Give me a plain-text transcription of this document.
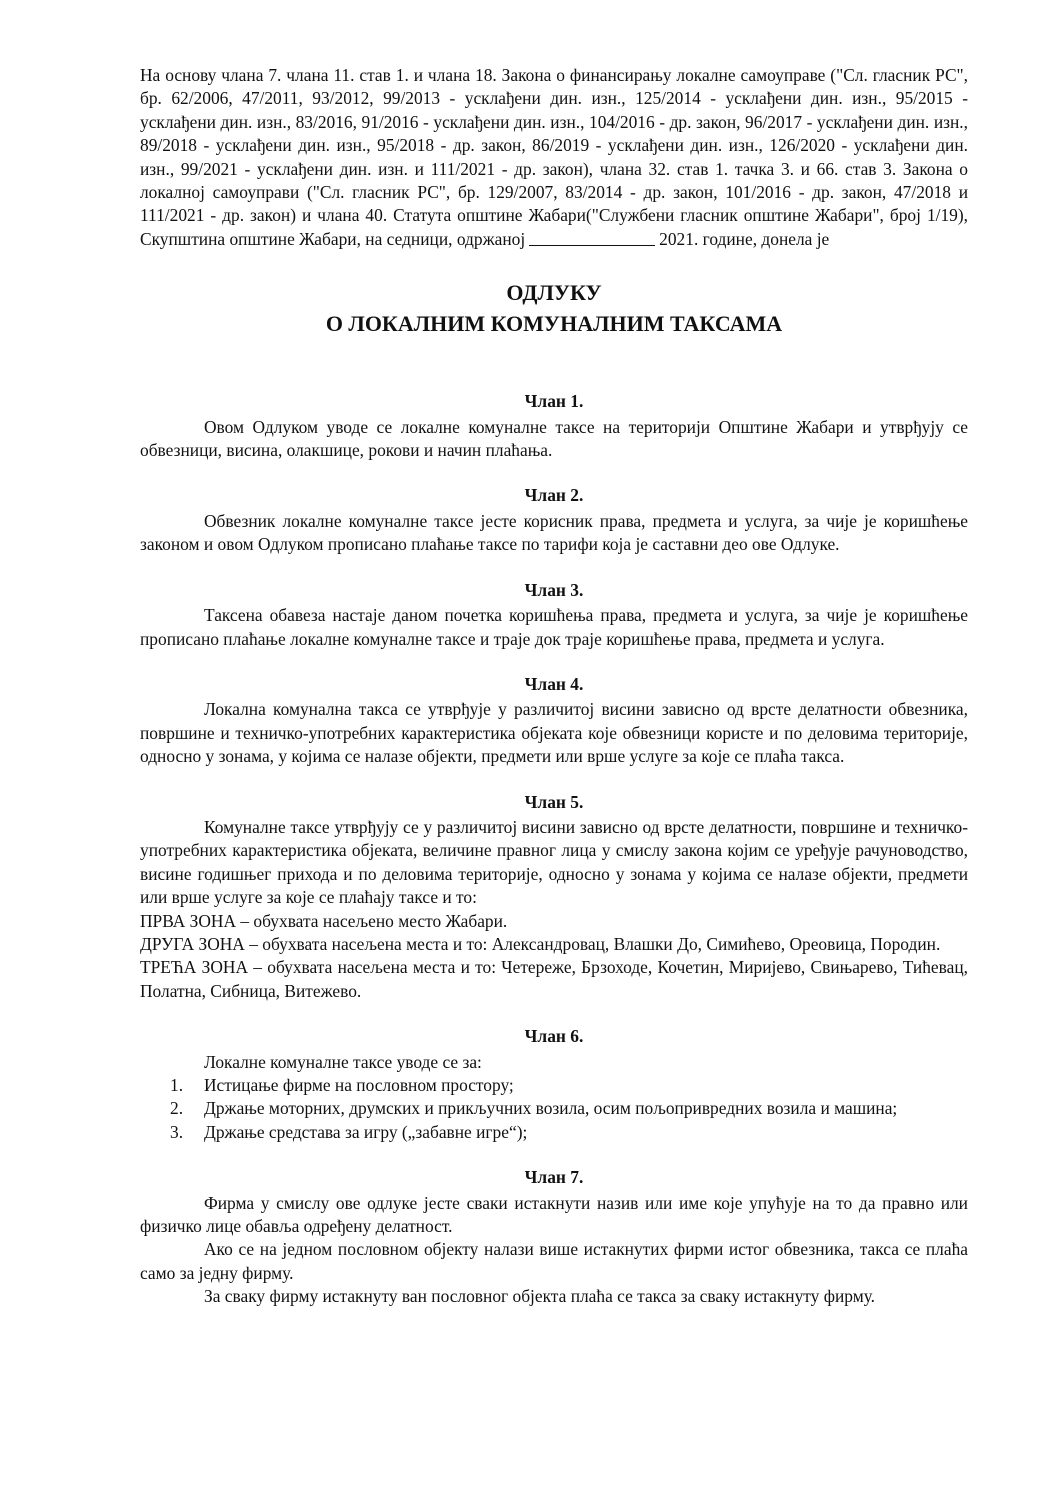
На основу члана 7. члана 11. став 1. и члана 18. Закона о финансирању локалне самоуправе ("Сл. гласник РС", бр. 62/2006, 47/2011, 93/2012, 99/2013 - усклађени дин. изн., 125/2014 - усклађени дин. изн., 95/2015 - усклађени дин. изн., 83/2016, 91/2016 - усклађени дин. изн., 104/2016 - др. закон, 96/2017 - усклађени дин. изн., 89/2018 - усклађени дин. изн., 95/2018 - др. закон, 86/2019 - усклађени дин. изн., 126/2020 - усклађени дин. изн., 99/2021 - усклађени дин. изн. и 111/2021 - др. закон), члана 32. став 1. тачка 3. и 66. став 3. Закона о локалној самоуправи ("Сл. гласник РС", бр. 129/2007, 83/2014 - др. закон, 101/2016 - др. закон, 47/2018 и 111/2021 - др. закон) и члана 40. Статута општине Жабари("Службени гласник општине Жабари", број 1/19), Скупштина општине Жабари, на седници, одржаној	2021. године, донела је

ОДЛУКУ
О ЛОКАЛНИМ КОМУНАЛНИМ ТАКСАМА
Члан 1.

Овом Одлуком уводе се локалне комуналне таксе на територији Општине Жабари и утврђују се обвезници, висина, олакшице, рокови и начин плаћања.

Члан 2.

Обвезник локалне комуналне таксе јесте корисник права, предмета и услуга, за чије је коришћење законом и овом Одлуком прописано плаћање таксе по тарифи која је саставни део ове Одлуке.

Члан 3.

Таксена обавеза настаје даном почетка коришћења права, предмета и услуга, за чије је коришћење прописано плаћање локалне комуналне таксе и траје док траје коришћење права, предмета и услуга.

Члан 4.

Локална комунална такса се утврђује у различитој висини зависно од врсте делатности обвезника, површине и техничко-употребних карактеристика објеката које обвезници користе и по деловима територије, односно у зонама, у којима се налазе објекти, предмети или врше услуге за које се плаћа такса.

Члан 5.

Комуналне таксе утврђују се у различитој висини зависно од врсте делатности, површине и техничко-употребних карактеристика објеката, величине правног лица у смислу закона којим се уређује рачуноводство, висине годишњег прихода и по деловима територије, односно у зонама у којима се налазе објекти, предмети или врше услуге за које се плаћају таксе и то:

ПРВА ЗОНА – обухвата насељено место Жабари.

ДРУГА ЗОНА – обухвата насељена места и то: Александровац, Влашки До, Симићево, Ореовица, Породин.

ТРЕЋА ЗОНА – обухвата насељена места и то: Четереже, Брзоходе, Кочетин, Миријево, Свињарево, Тићевац, Полатна, Сибница, Витежево.

Члан 6.

Локалне комуналне таксе уводе се за:

1. Истицање фирме на пословном простору;
2. Држање моторних, друмских и прикључних возила, осим пољопривредних возила и машина;
3. Држање средстава за игру („забавне игре“);
Члан 7.

Фирма у смислу ове одлуке јесте сваки истакнути назив или име које упућује на то да правно или физичко лице обавља одређену делатност.

Ако се на једном пословном објекту налази више истакнутих фирми истог обвезника, такса се плаћа само за једну фирму.

За сваку фирму истакнуту ван пословног објекта плаћа се такса за сваку истакнуту фирму.
